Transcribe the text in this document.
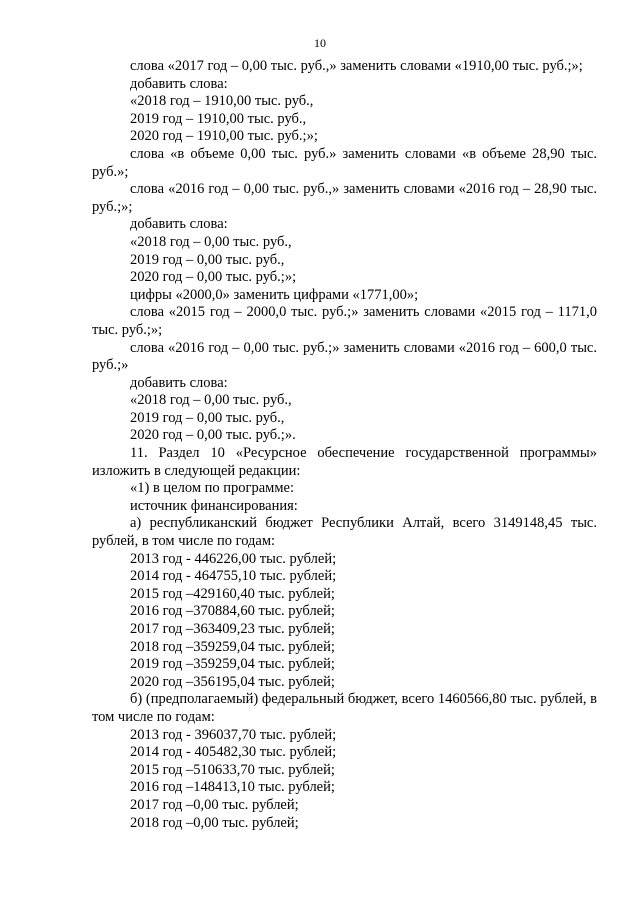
10

слова «2017 год – 0,00 тыс. руб.,» заменить словами «1910,00 тыс. руб.;»;

добавить слова:

«2018 год – 1910,00 тыс. руб.,

2019 год – 1910,00 тыс. руб.,

2020 год – 1910,00 тыс. руб.;»;

слова «в объеме 0,00 тыс. руб.» заменить словами «в объеме 28,90 тыс. руб.»;

слова «2016 год – 0,00 тыс. руб.,» заменить словами «2016 год – 28,90 тыс. руб.;»;

добавить слова:

«2018 год – 0,00 тыс. руб.,

2019 год – 0,00 тыс. руб.,

2020 год – 0,00 тыс. руб.;»;

цифры «2000,0» заменить цифрами «1771,00»;

слова «2015 год – 2000,0 тыс. руб.;» заменить словами «2015 год – 1171,0 тыс. руб.;»;

слова «2016 год – 0,00 тыс. руб.;» заменить словами «2016 год – 600,0 тыс. руб.;»

добавить слова:

«2018 год – 0,00 тыс. руб.,

2019 год – 0,00 тыс. руб.,

2020 год – 0,00 тыс. руб.;».

11. Раздел 10 «Ресурсное обеспечение государственной программы» изложить в следующей редакции:

«1) в целом по программе:

источник финансирования:

а) республиканский бюджет Республики Алтай, всего 3149148,45 тыс. рублей, в том числе по годам:

2013 год - 446226,00 тыс. рублей;

2014 год - 464755,10 тыс. рублей;

2015 год –429160,40 тыс. рублей;

2016 год –370884,60 тыс. рублей;

2017 год –363409,23 тыс. рублей;

2018 год –359259,04 тыс. рублей;

2019 год –359259,04 тыс. рублей;

2020 год –356195,04 тыс. рублей;

б) (предполагаемый) федеральный бюджет, всего 1460566,80 тыс. рублей, в том числе по годам:

2013 год - 396037,70 тыс. рублей;

2014 год - 405482,30 тыс. рублей;

2015 год –510633,70 тыс. рублей;

2016 год –148413,10 тыс. рублей;

2017 год –0,00 тыс. рублей;

2018 год –0,00 тыс. рублей;
